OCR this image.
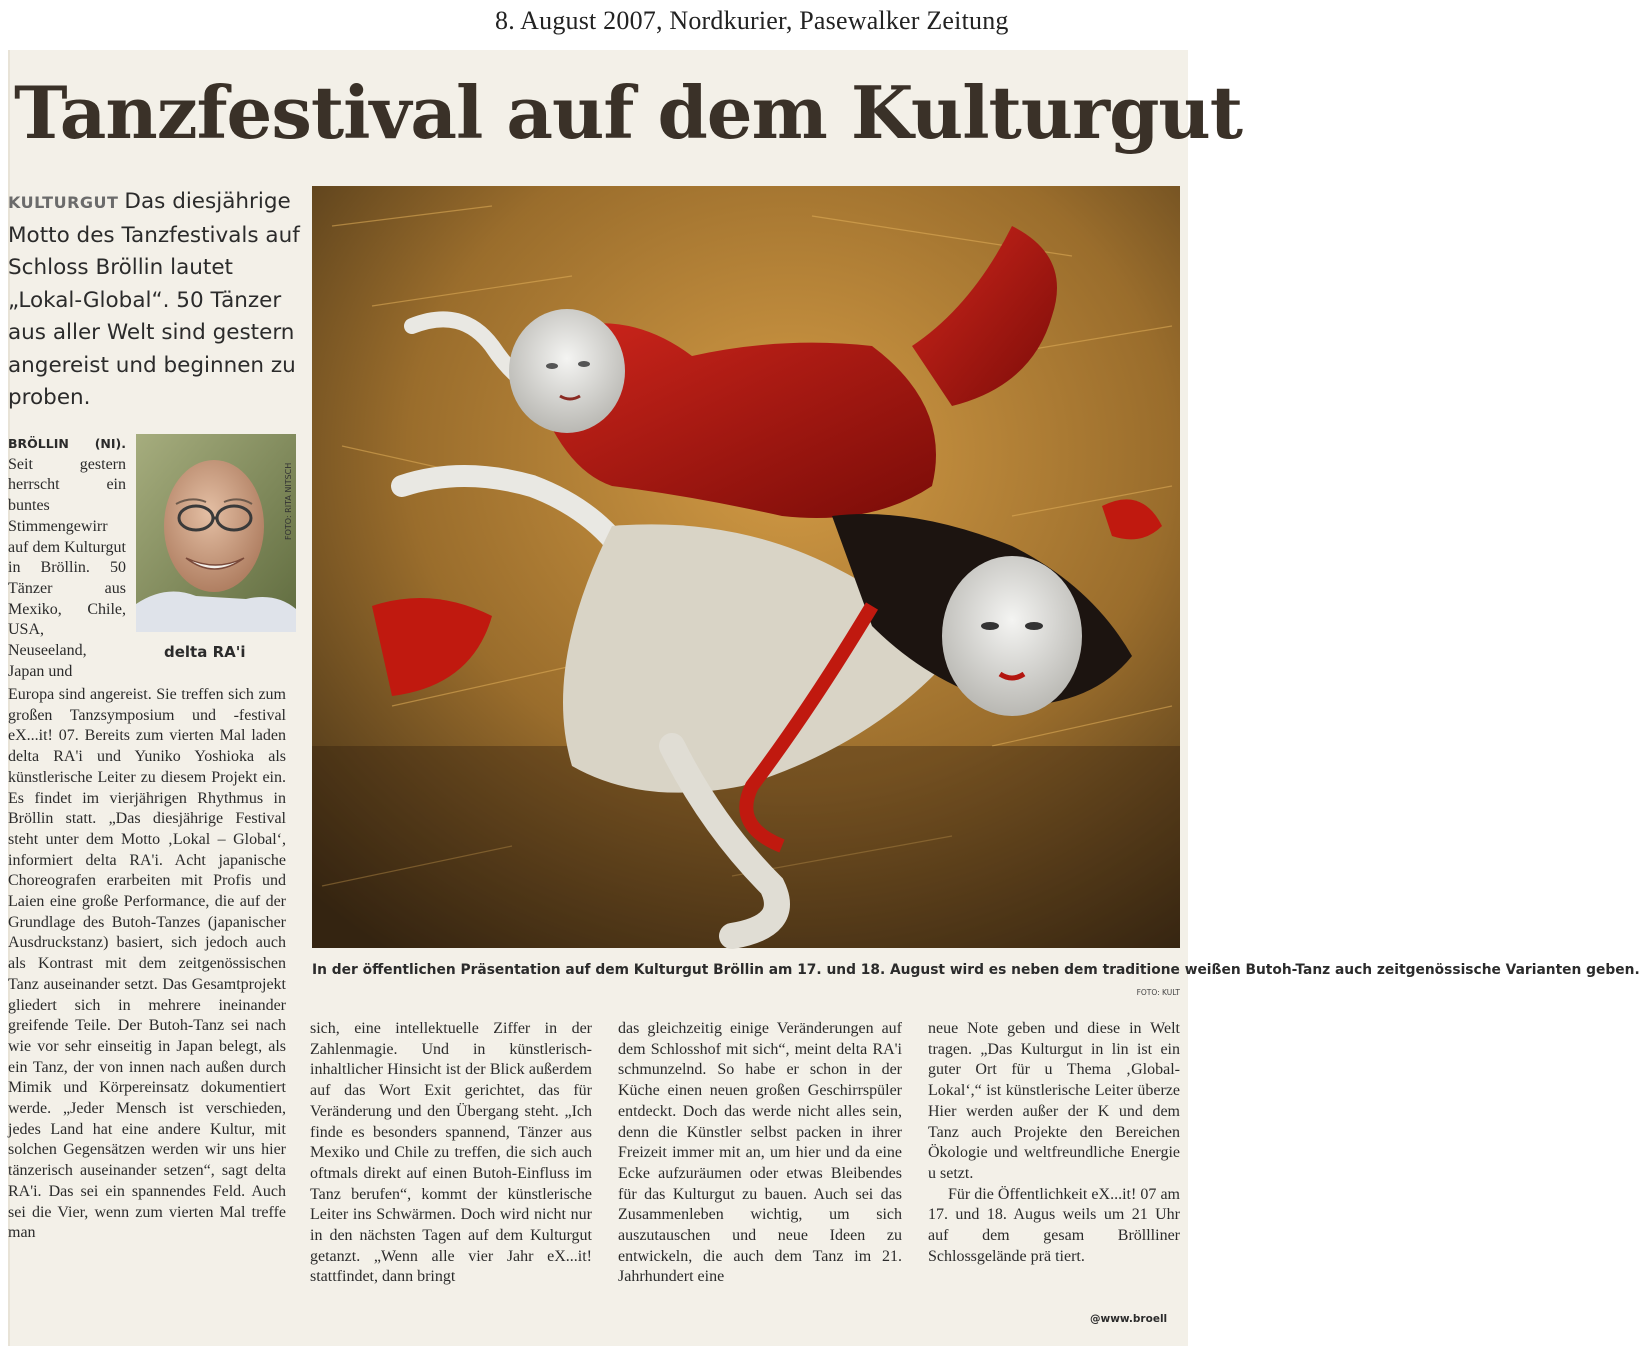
8. August 2007, Nordkurier, Pasewalker Zeitung
Tanzfestival auf dem Kulturgut
KULTURGUT Das diesjährige Motto des Tanzfestivals auf Schloss Bröllin lautet „Lokal-Global“. 50 Tänzer aus aller Welt sind gestern angereist und beginnen zu proben.
BRÖLLIN (NI). Seit gestern herrscht ein buntes Stimmengewirr auf dem Kulturgut in Bröllin. 50 Tänzer aus Mexiko, Chile, USA, Neuseeland, Japan und
FOTO: RITA NITSCH
delta RA'i
Europa sind angereist. Sie treffen sich zum großen Tanzsymposium und -festival eX...it! 07. Bereits zum vierten Mal laden delta RA'i und Yuniko Yoshioka als künstlerische Leiter zu diesem Projekt ein. Es findet im vierjährigen Rhythmus in Bröllin statt. „Das diesjährige Festival steht unter dem Motto ‚Lokal – Global‘, informiert delta RA'i. Acht japanische Choreografen erarbeiten mit Profis und Laien eine große Performance, die auf der Grundlage des Butoh-Tanzes (japanischer Ausdruckstanz) basiert, sich jedoch auch als Kontrast mit dem zeitgenössischen Tanz auseinander setzt. Das Gesamtprojekt gliedert sich in mehrere ineinander greifende Teile. Der Butoh-Tanz sei nach wie vor sehr einseitig in Japan belegt, als ein Tanz, der von innen nach außen durch Mimik und Körpereinsatz dokumentiert werde. „Jeder Mensch ist verschieden, jedes Land hat eine andere Kultur, mit solchen Gegensätzen werden wir uns hier tänzerisch auseinander setzen“, sagt delta RA'i. Das sei ein spannendes Feld. Auch sei die Vier, wenn zum vierten Mal treffe man
In der öffentlichen Präsentation auf dem Kulturgut Bröllin am 17. und 18. August wird es neben dem traditione weißen Butoh-Tanz auch zeitgenössische Varianten geben.
FOTO: KULT
sich, eine intellektuelle Ziffer in der Zahlenmagie. Und in künstlerisch-inhaltlicher Hinsicht ist der Blick außerdem auf das Wort Exit gerichtet, das für Veränderung und den Übergang steht. „Ich finde es besonders spannend, Tänzer aus Mexiko und Chile zu treffen, die sich auch oftmals direkt auf einen Butoh-Einfluss im Tanz berufen“, kommt der künstlerische Leiter ins Schwärmen. Doch wird nicht nur in den nächsten Tagen auf dem Kulturgut getanzt. „Wenn alle vier Jahr eX...it! stattfindet, dann bringt
das gleichzeitig einige Veränderungen auf dem Schlosshof mit sich“, meint delta RA'i schmunzelnd. So habe er schon in der Küche einen neuen großen Geschirrspüler entdeckt. Doch das werde nicht alles sein, denn die Künstler selbst packen in ihrer Freizeit immer mit an, um hier und da eine Ecke aufzuräumen oder etwas Bleibendes für das Kulturgut zu bauen. Auch sei das Zusammenleben wichtig, um sich auszutauschen und neue Ideen zu entwickeln, die auch dem Tanz im 21. Jahrhundert eine

neue Note geben und diese in Welt tragen. „Das Kulturgut in lin ist ein guter Ort für u Thema ‚Global-Lokal‘,“ ist künstlerische Leiter überze Hier werden außer der K und dem Tanz auch Projekte den Bereichen Ökologie und weltfreundliche Energie u setzt.

Für die Öffentlichkeit eX...it! 07 am 17. und 18. Augus weils um 21 Uhr auf dem gesam Bröllliner Schlossgelände prä tiert.

@www.broell
